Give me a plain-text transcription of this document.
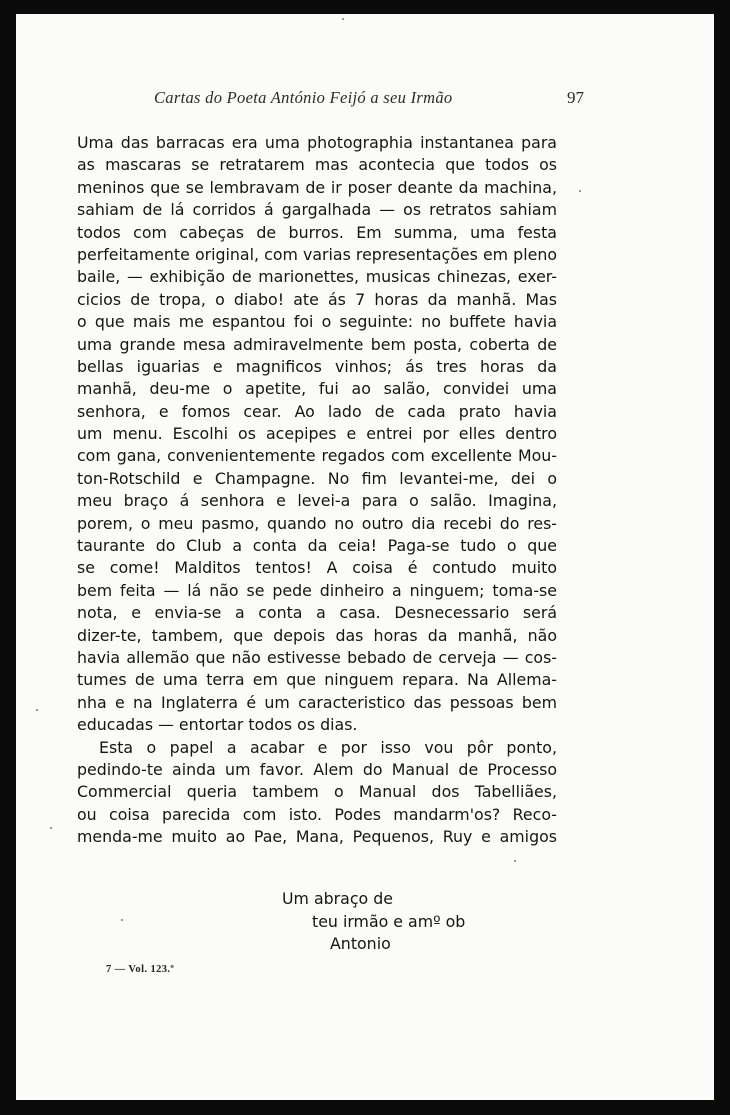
Cartas do Poeta António Feijó a seu Irmão	97
Uma das barracas era uma photographia instantanea para
as mascaras se retratarem mas acontecia que todos os
meninos que se lembravam de ir poser deante da machina,
sahiam de lá corridos á gargalhada — os retratos sahiam
todos com cabeças de burros. Em summa, uma festa
perfeitamente original, com varias representações em pleno
baile, — exhibição de marionettes, musicas chinezas, exer-
cicios de tropa, o diabo! ate ás 7 horas da manhã. Mas
o que mais me espantou foi o seguinte: no buffete havia
uma grande mesa admiravelmente bem posta, coberta de
bellas iguarias e magnificos vinhos; ás tres horas da
manhã, deu-me o apetite, fui ao salão, convidei uma
senhora, e fomos cear. Ao lado de cada prato havia
um menu. Escolhi os acepipes e entrei por elles dentro
com gana, convenientemente regados com excellente Mou-
ton-Rotschild e Champagne. No fim levantei-me, dei o
meu braço á senhora e levei-a para o salão. Imagina,
porem, o meu pasmo, quando no outro dia recebi do res-
taurante do Club a conta da ceia! Paga-se tudo o que
se come! Malditos tentos! A coisa é contudo muito
bem feita — lá não se pede dinheiro a ninguem; toma-se
nota, e envia-se a conta a casa. Desnecessario será
dizer-te, tambem, que depois das horas da manhã, não
havia allemão que não estivesse bebado de cerveja — cos-
tumes de uma terra em que ninguem repara. Na Allema-
nha e na Inglaterra é um caracteristico das pessoas bem
educadas — entortar todos os dias.
Esta o papel a acabar e por isso vou pôr ponto,
pedindo-te ainda um favor. Alem do Manual de Processo
Commercial queria tambem o Manual dos Tabelliães,
ou coisa parecida com isto. Podes mandarm'os? Reco-
menda-me muito ao Pae, Mana, Pequenos, Ruy e amigos
Um abraço de
teu irmão e amº ob
Antonio
7 — Vol. 123.º
